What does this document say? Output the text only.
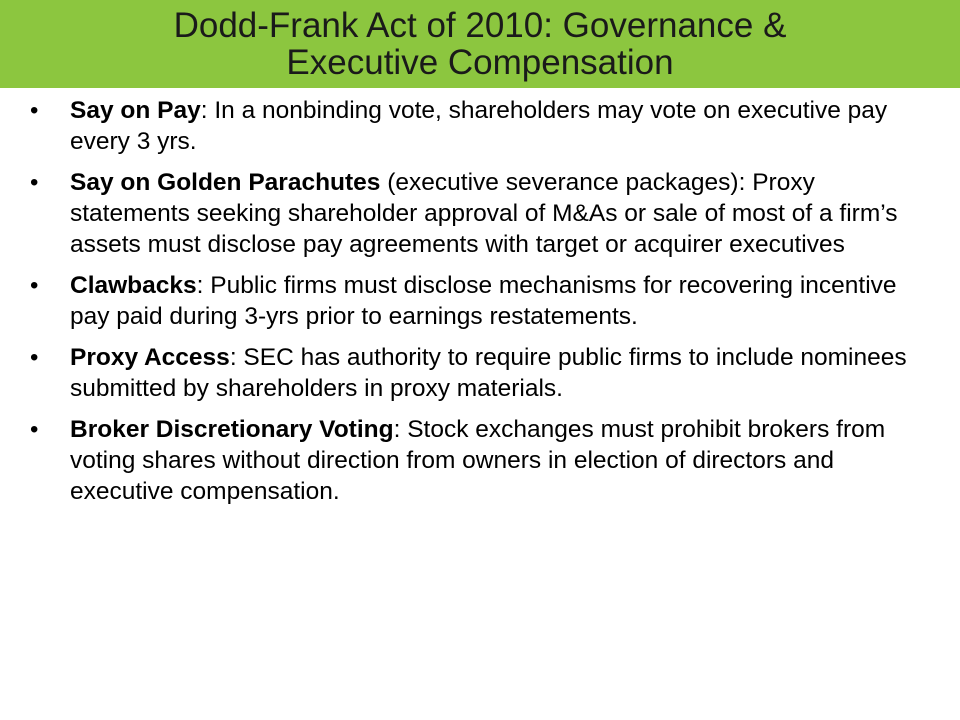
Dodd-Frank Act of 2010: Governance &
Executive Compensation
•	Say on Pay: In a nonbinding vote, shareholders may vote on executive pay every 3 yrs.
•	Say on Golden Parachutes (executive severance packages): Proxy statements seeking shareholder approval of M&As or sale of most of a firm’s assets must disclose pay agreements with target or acquirer executives
•	Clawbacks: Public firms must disclose mechanisms for recovering incentive pay paid during 3-yrs prior to earnings restatements.
•	Proxy Access: SEC has authority to require public firms to include nominees submitted by shareholders in proxy materials.
•	Broker Discretionary Voting: Stock exchanges must prohibit brokers from voting shares without direction from owners in election of directors and executive compensation.
